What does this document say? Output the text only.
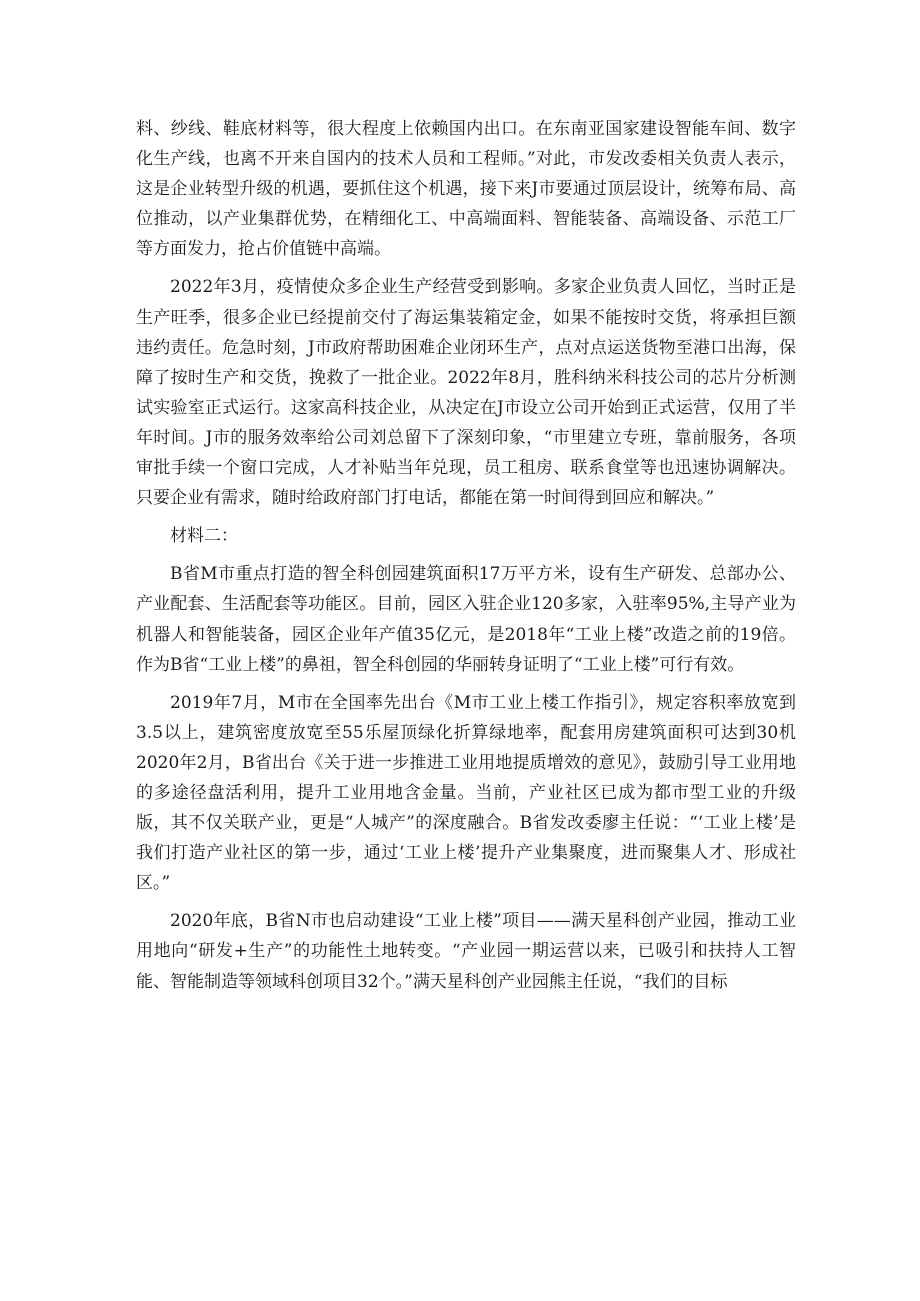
料、纱线、鞋底材料等，很大程度上依赖国内出口。在东南亚国家建设智能车间、数字化生产线，也离不开来自国内的技术人员和工程师。”对此，市发改委相关负责人表示，这是企业转型升级的机遇，要抓住这个机遇，接下来J市要通过顶层设计，统筹布局、高位推动，以产业集群优势，在精细化工、中高端面料、智能装备、高端设备、示范工厂等方面发力，抢占价值链中高端。

2022年3月，疫情使众多企业生产经营受到影响。多家企业负责人回忆，当时正是生产旺季，很多企业已经提前交付了海运集装箱定金，如果不能按时交货，将承担巨额违约责任。危急时刻，J市政府帮助困难企业闭环生产，点对点运送货物至港口出海，保障了按时生产和交货，挽救了一批企业。2022年8月，胜科纳米科技公司的芯片分析测试实验室正式运行。这家高科技企业，从决定在J市设立公司开始到正式运营，仅用了半年时间。J市的服务效率给公司刘总留下了深刻印象，“市里建立专班，靠前服务，各项审批手续一个窗口完成，人才补贴当年兑现，员工租房、联系食堂等也迅速协调解决。只要企业有需求，随时给政府部门打电话，都能在第一时间得到回应和解决。”

材料二：

B省M市重点打造的智全科创园建筑面积17万平方米，设有生产研发、总部办公、产业配套、生活配套等功能区。目前，园区入驻企业120多家，入驻率95%,主导产业为机器人和智能装备，园区企业年产值35亿元，是2018年“工业上楼”改造之前的19倍。作为B省“工业上楼”的鼻祖，智全科创园的华丽转身证明了“工业上楼”可行有效。

2019年7月，M市在全国率先出台《M市工业上楼工作指引》，规定容积率放宽到3.5以上，建筑密度放宽至55乐屋顶绿化折算绿地率，配套用房建筑面积可达到30机2020年2月，B省出台《关于进一步推进工业用地提质增效的意见》，鼓励引导工业用地的多途径盘活利用，提升工业用地含金量。当前，产业社区已成为都市型工业的升级版，其不仅关联产业，更是“人城产”的深度融合。B省发改委廖主任说：“‘工业上楼’是我们打造产业社区的第一步，通过‘工业上楼’提升产业集聚度，进而聚集人才、形成社区。”

2020年底，B省N市也启动建设“工业上楼”项目——满天星科创产业园，推动工业用地向“研发+生产”的功能性土地转变。“产业园一期运营以来，已吸引和扶持人工智能、智能制造等领域科创项目32个。”满天星科创产业园熊主任说，“我们的目标
